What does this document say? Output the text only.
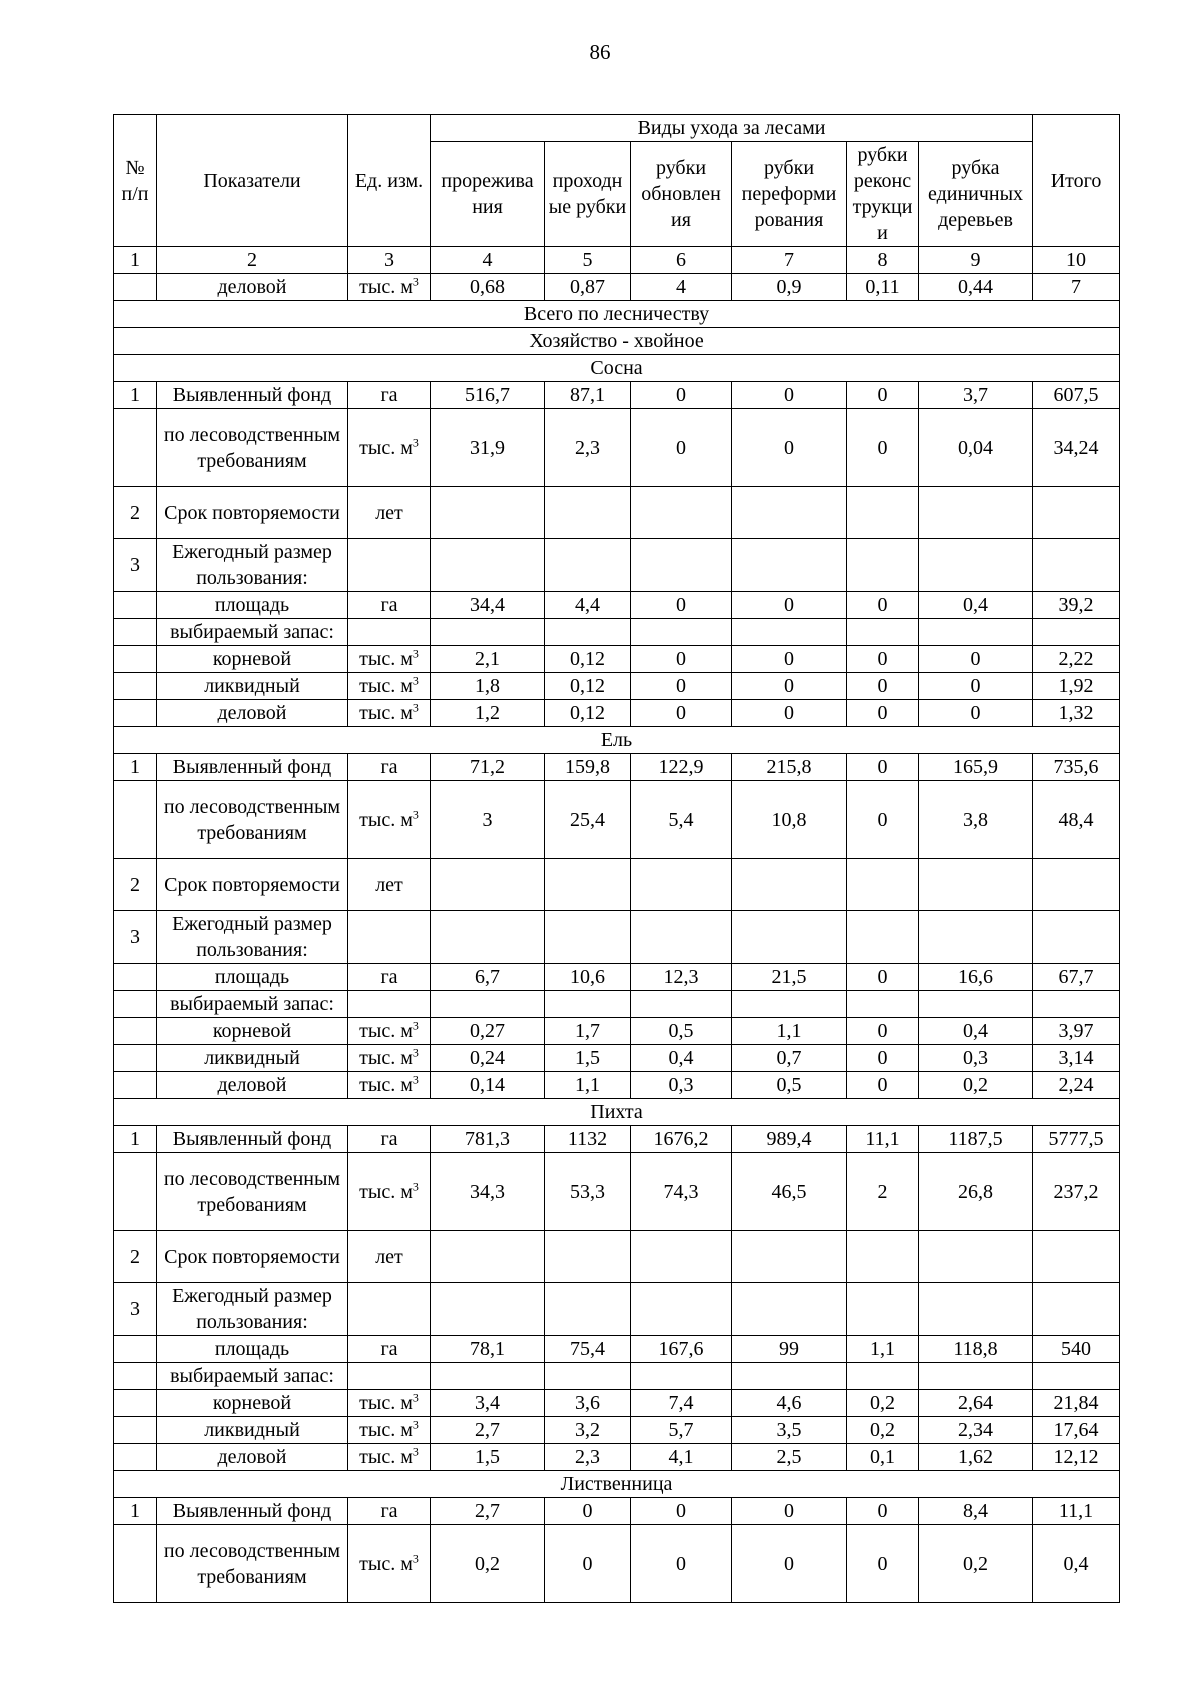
86
№ п/п	Показатели	Ед. изм.	Виды ухода за лесами						Итого
			прорежива ния	проходн ые рубки	рубки обновлен ия	рубки переформи рования	рубки реконс трукци и	рубка единичных деревьев	
1	2	3	4	5	6	7	8	9	10
	деловой	тыс. $м^3$	0,68	0,87	4	0,9	0,11	0,44	7
Всего по лесничеству									
Хозяйство - хвойное									
Сосна									
1	Выявленный фонд	га	516,7	87,1	0	0	0	3,7	607,5
	по лесоводственным требованиям	тыс. $м^3$	31,9	2,3	0	0	0	0,04	34,24
2	Срок повторяемости	лет							
3	Ежегодный размер пользования:								
	площадь	га	34,4	4,4	0	0	0	0,4	39,2
	выбираемый запас:								
	корневой	тыс. $м^3$	2,1	0,12	0	0	0	0	2,22
	ликвидный	тыс. $м^3$	1,8	0,12	0	0	0	0	1,92
	деловой	тыс. $м^3$	1,2	0,12	0	0	0	0	1,32
Ель									
1	Выявленный фонд	га	71,2	159,8	122,9	215,8	0	165,9	735,6
	по лесоводственным требованиям	тыс. $м^3$	3	25,4	5,4	10,8	0	3,8	48,4
2	Срок повторяемости	лет							
3	Ежегодный размер пользования:								
	площадь	га	6,7	10,6	12,3	21,5	0	16,6	67,7
	выбираемый запас:								
	корневой	тыс. $м^3$	0,27	1,7	0,5	1,1	0	0,4	3,97
	ликвидный	тыс. $м^3$	0,24	1,5	0,4	0,7	0	0,3	3,14
	деловой	тыс. $м^3$	0,14	1,1	0,3	0,5	0	0,2	2,24
Пихта									
1	Выявленный фонд	га	781,3	1132	1676,2	989,4	11,1	1187,5	5777,5
	по лесоводственным требованиям	тыс. $м^3$	34,3	53,3	74,3	46,5	2	26,8	237,2
2	Срок повторяемости	лет							
3	Ежегодный размер пользования:								
	площадь	га	78,1	75,4	167,6	99	1,1	118,8	540
	выбираемый запас:								
	корневой	тыс. $м^3$	3,4	3,6	7,4	4,6	0,2	2,64	21,84
	ликвидный	тыс. $м^3$	2,7	3,2	5,7	3,5	0,2	2,34	17,64
	деловой	тыс. $м^3$	1,5	2,3	4,1	2,5	0,1	1,62	12,12
Лиственница									
1	Выявленный фонд	га	2,7	0	0	0	0	8,4	11,1
	по лесоводственным требованиям	тыс. $м^3$	0,2	0	0	0	0	0,2	0,4
